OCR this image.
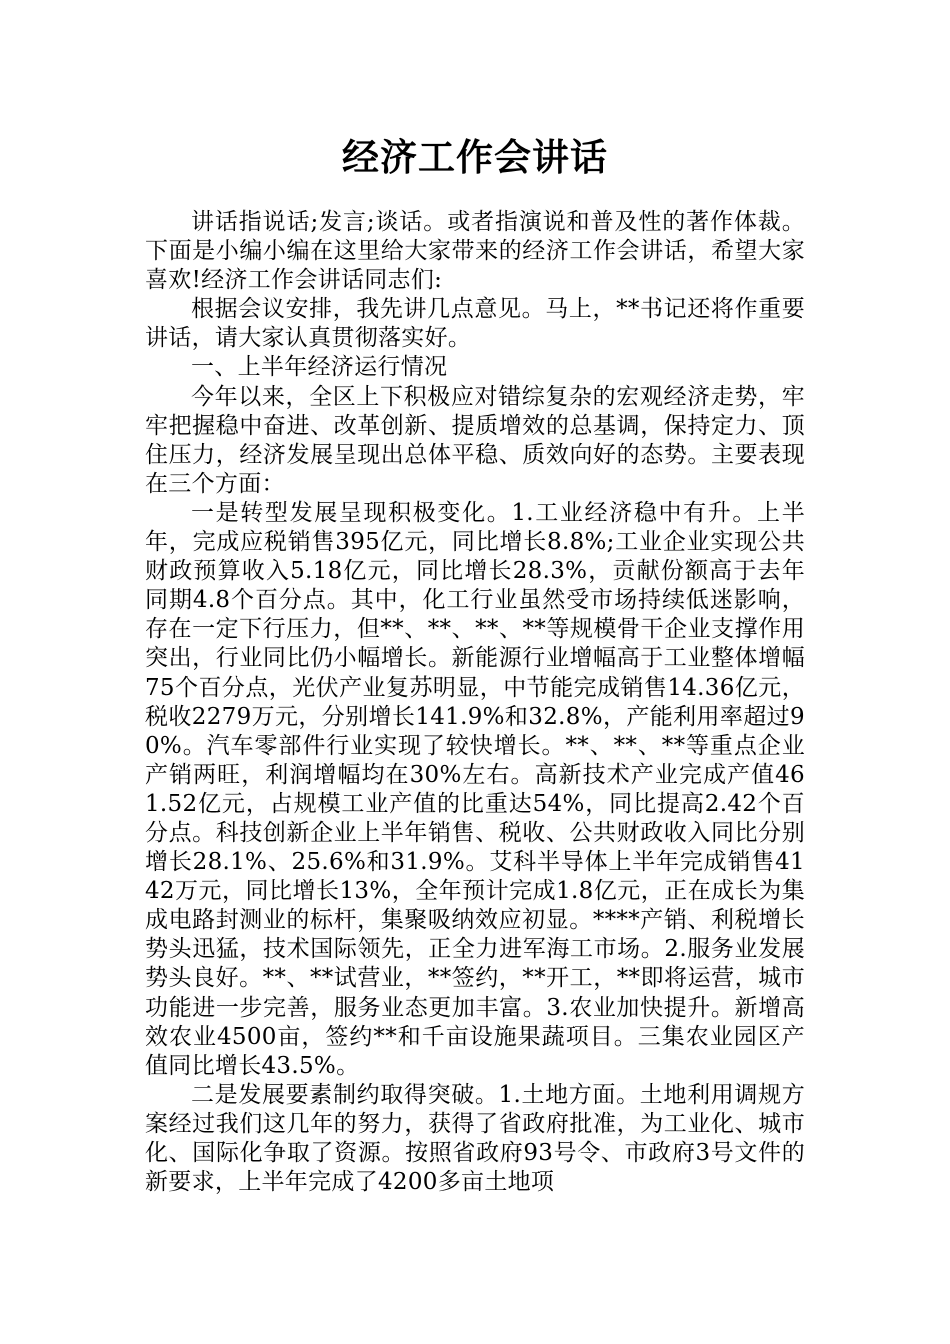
经济工作会讲话

讲话指说话;发言;谈话。或者指演说和普及性的著作体裁。下面是小编小编在这里给大家带来的经济工作会讲话，希望大家喜欢!经济工作会讲话同志们:

根据会议安排，我先讲几点意见。马上，**书记还将作重要讲话，请大家认真贯彻落实好。

一、上半年经济运行情况

今年以来，全区上下积极应对错综复杂的宏观经济走势，牢牢把握稳中奋进、改革创新、提质增效的总基调，保持定力、顶住压力，经济发展呈现出总体平稳、质效向好的态势。主要表现在三个方面：

一是转型发展呈现积极变化。1.工业经济稳中有升。上半年，完成应税销售395亿元，同比增长8.8%;工业企业实现公共财政预算收入5.18亿元，同比增长28.3%，贡献份额高于去年同期4.8个百分点。其中，化工行业虽然受市场持续低迷影响，存在一定下行压力，但**、**、**、**等规模骨干企业支撑作用突出，行业同比仍小幅增长。新能源行业增幅高于工业整体增幅75个百分点，光伏产业复苏明显，中节能完成销售14.36亿元，税收2279万元，分别增长141.9%和32.8%，产能利用率超过90%。汽车零部件行业实现了较快增长。**、**、**等重点企业产销两旺，利润增幅均在30%左右。高新技术产业完成产值461.52亿元，占规模工业产值的比重达54%，同比提高2.42个百分点。科技创新企业上半年销售、税收、公共财政收入同比分别增长28.1%、25.6%和31.9%。艾科半导体上半年完成销售4142万元，同比增长13%，全年预计完成1.8亿元，正在成长为集成电路封测业的标杆，集聚吸纳效应初显。****产销、利税增长势头迅猛，技术国际领先，正全力进军海工市场。2.服务业发展势头良好。**、**试营业，**签约，**开工，**即将运营，城市功能进一步完善，服务业态更加丰富。3.农业加快提升。新增高效农业4500亩，签约**和千亩设施果蔬项目。三集农业园区产值同比增长43.5%。

二是发展要素制约取得突破。1.土地方面。土地利用调规方案经过我们这几年的努力，获得了省政府批准，为工业化、城市化、国际化争取了资源。按照省政府93号令、市政府3号文件的新要求，上半年完成了4200多亩土地项
